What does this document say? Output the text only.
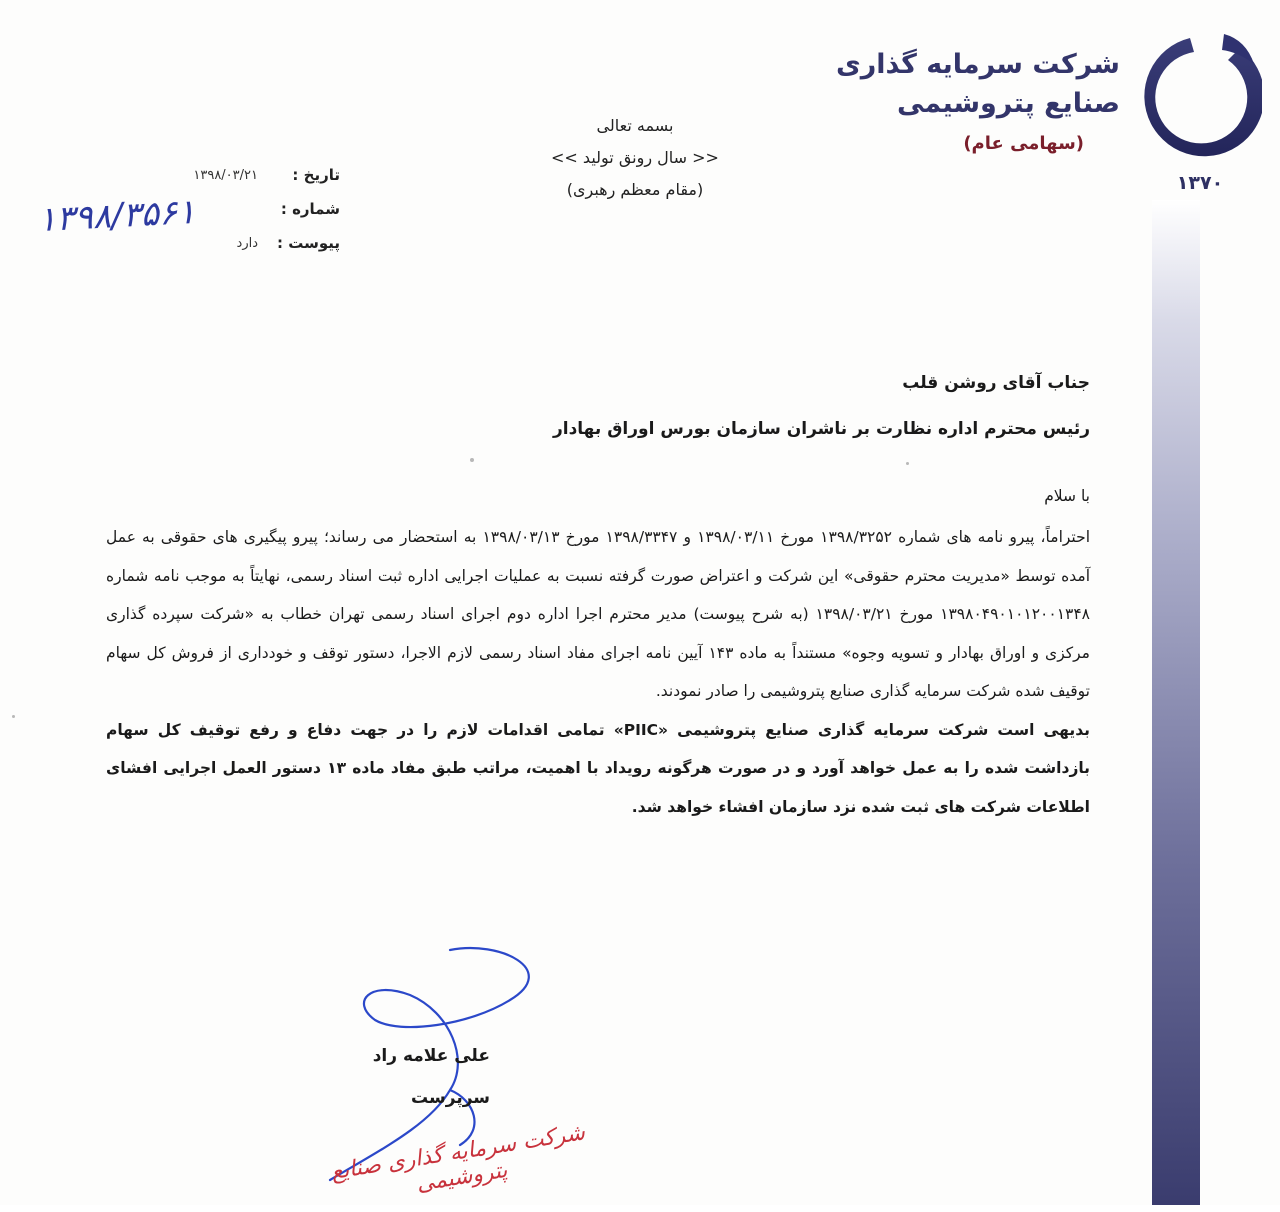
۱۳۷۰
شرکت سرمایه گذاری
صنایع پتروشیمی
(سهامی عام)
بسمه تعالی
<< سال رونق تولید >>
(مقام معظم رهبری)
تاریخ :
۱۳۹۸/۰۳/۲۱
شماره :
پیوست :
دارد
۱۳۹۸/۳۵۶۱
جناب آقای روشن قلب
رئیس محترم اداره نظارت بر ناشران سازمان بورس اوراق بهادار

با سلام

احتراماً، پیرو نامه های شماره ۱۳۹۸/۳۲۵۲ مورخ ۱۳۹۸/۰۳/۱۱ و ۱۳۹۸/۳۳۴۷ مورخ ۱۳۹۸/۰۳/۱۳ به استحضار می رساند؛ پیرو پیگیری های حقوقی به عمل آمده توسط «مدیریت محترم حقوقی» این شرکت و اعتراض صورت گرفته نسبت به عملیات اجرایی اداره ثبت اسناد رسمی، نهایتاً به موجب نامه شماره ۱۳۹۸۰۴۹۰۱۰۱۲۰۰۱۳۴۸ مورخ ۱۳۹۸/۰۳/۲۱ (به شرح پیوست) مدیر محترم اجرا اداره دوم اجرای اسناد رسمی تهران خطاب به «شرکت سپرده گذاری مرکزی و اوراق بهادار و تسویه وجوه» مستنداً به ماده ۱۴۳ آیین نامه اجرای مفاد اسناد رسمی لازم الاجرا، دستور توقف و خودداری از فروش کل سهام توقیف شده شرکت سرمایه گذاری صنایع پتروشیمی را صادر نمودند.

بدیهی است شرکت سرمایه گذاری صنایع پتروشیمی «PIIC» تمامی اقدامات لازم را در جهت دفاع و رفع توقیف کل سهام بازداشت شده را به عمل خواهد آورد و در صورت هرگونه رویداد با اهمیت، مراتب طبق مفاد ماده ۱۳ دستور العمل اجرایی افشای اطلاعات شرکت های ثبت شده نزد سازمان افشاء خواهد شد.

علی علامه راد
سرپرست
شرکت سرمایه گذاری صنایع پتروشیمی
